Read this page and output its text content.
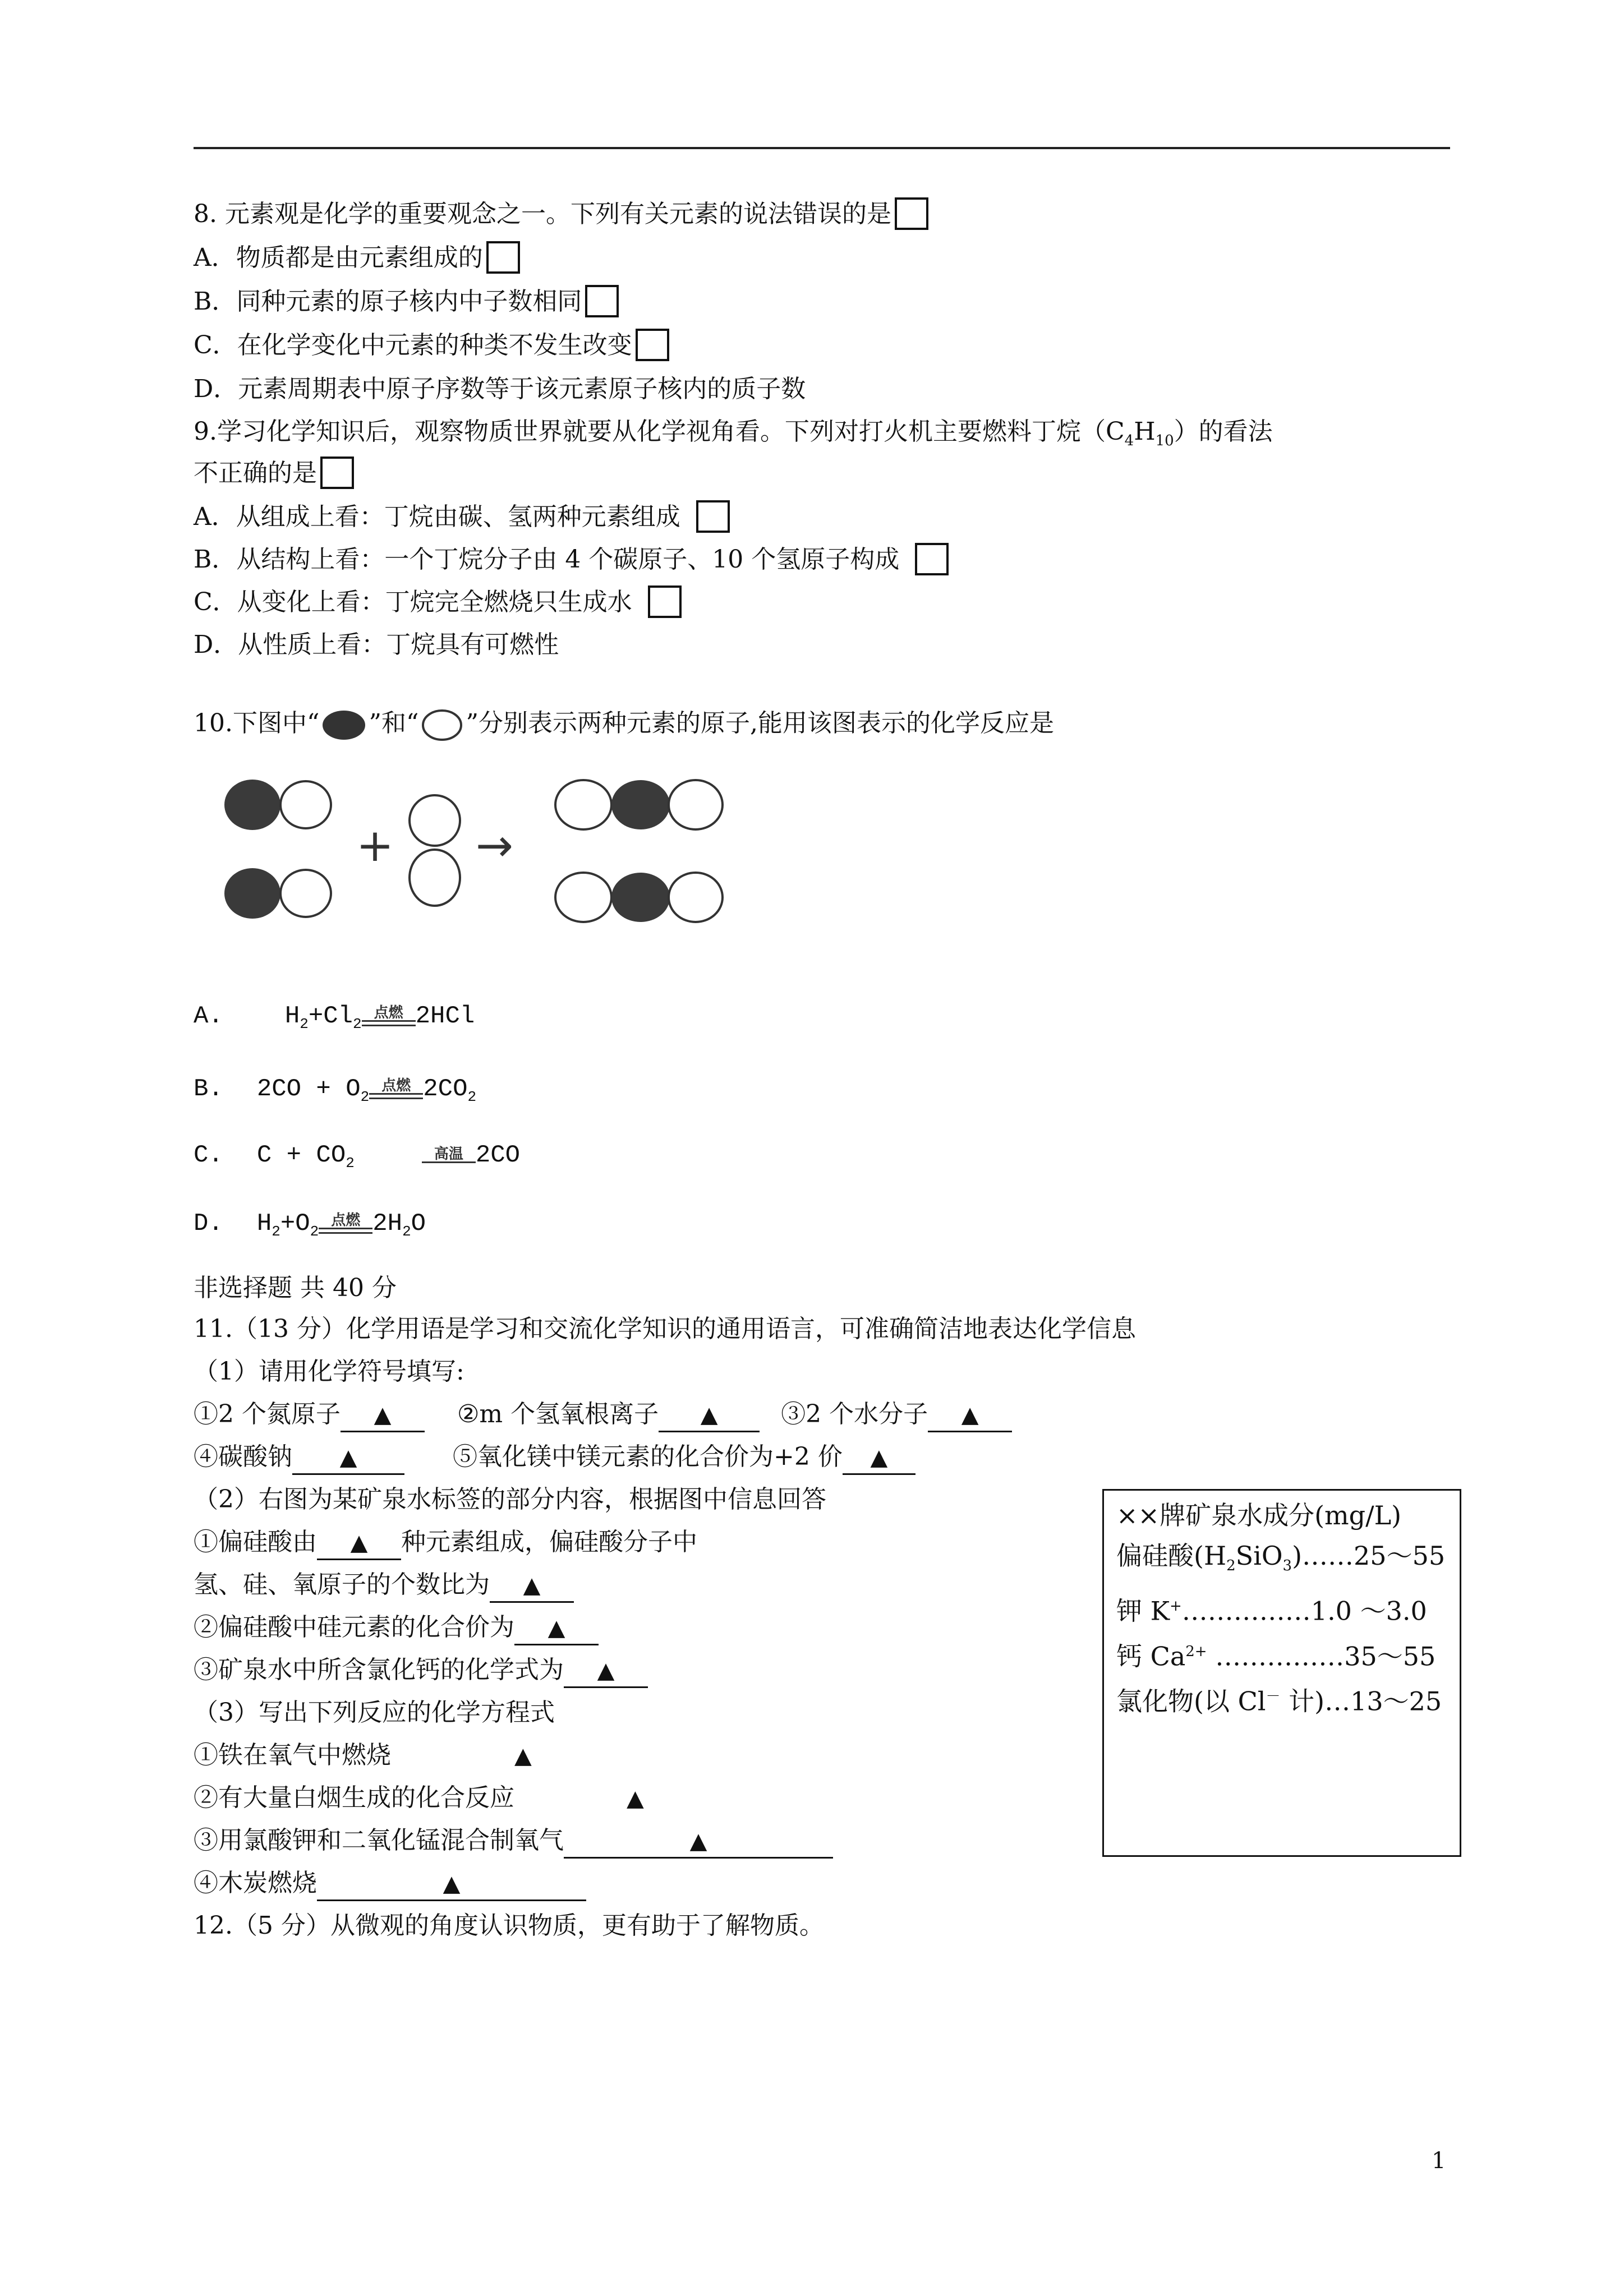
8. 元素观是化学的重要观念之一。下列有关元素的说法错误的是
A．物质都是由元素组成的
B．同种元素的原子核内中子数相同
C．在化学变化中元素的种类不发生改变
D．元素周期表中原子序数等于该元素原子核内的质子数
9.学习化学知识后，观察物质世界就要从化学视角看。下列对打火机主要燃料丁烷$(C_4H_{10})$的看法
不正确的是
A．从组成上看：丁烷由碳、氢两种元素组成
B．从结构上看：一个丁烷分子由 4 个碳原子、10 个氢原子构成
C．从变化上看：丁烷完全燃烧只生成水
D．从性质上看：丁烷具有可燃性
10.下图中“ ”和“ ”分别表示两种元素的原子,能用该图表示的化学反应是
+ →
A.	$H_2+Cl_2$
点燃 2HCl
B. $2CO + O_2$
点燃 $2CO_2$
C. $C + CO_2$
高温 2CO
D. $H_2+O_2$
点燃 $2H_2O$
非选择题 共 40 分
11.（13 分）化学用语是学习和交流化学知识的通用语言，可准确简洁地表达化学信息
（1）请用化学符号填写:
①2 个氮原子 ▲	②m 个氢氧根离子 ▲	③2 个水分子 ▲
④碳酸钠 ▲	⑤氧化镁中镁元素的化合价为+2 价 ▲
（2）右图为某矿泉水标签的部分内容，根据图中信息回答
①偏硅酸由 ▲ 种元素组成，偏硅酸分子中
氢、硅、氧原子的个数比为 ▲
②偏硅酸中硅元素的化合价为 ▲
③矿泉水中所含氯化钙的化学式为 ▲
（3）写出下列反应的化学方程式
①铁在氧气中燃烧	▲
②有大量白烟生成的化合反应	▲
③用氯酸钾和二氧化锰混合制氧气	▲
④木炭燃烧	▲
××牌矿泉水成分(mg/L)
偏硅酸$(H_2SiO_3)\dots\dots 25\sim 55$
钾 K+……………1.0 ～3.0
钙 $Ca^{2+}$ ……………35～55
氯化物(以 Cl－ 计)…13～25
12.（5 分）从微观的角度认识物质，更有助于了解物质。
1
